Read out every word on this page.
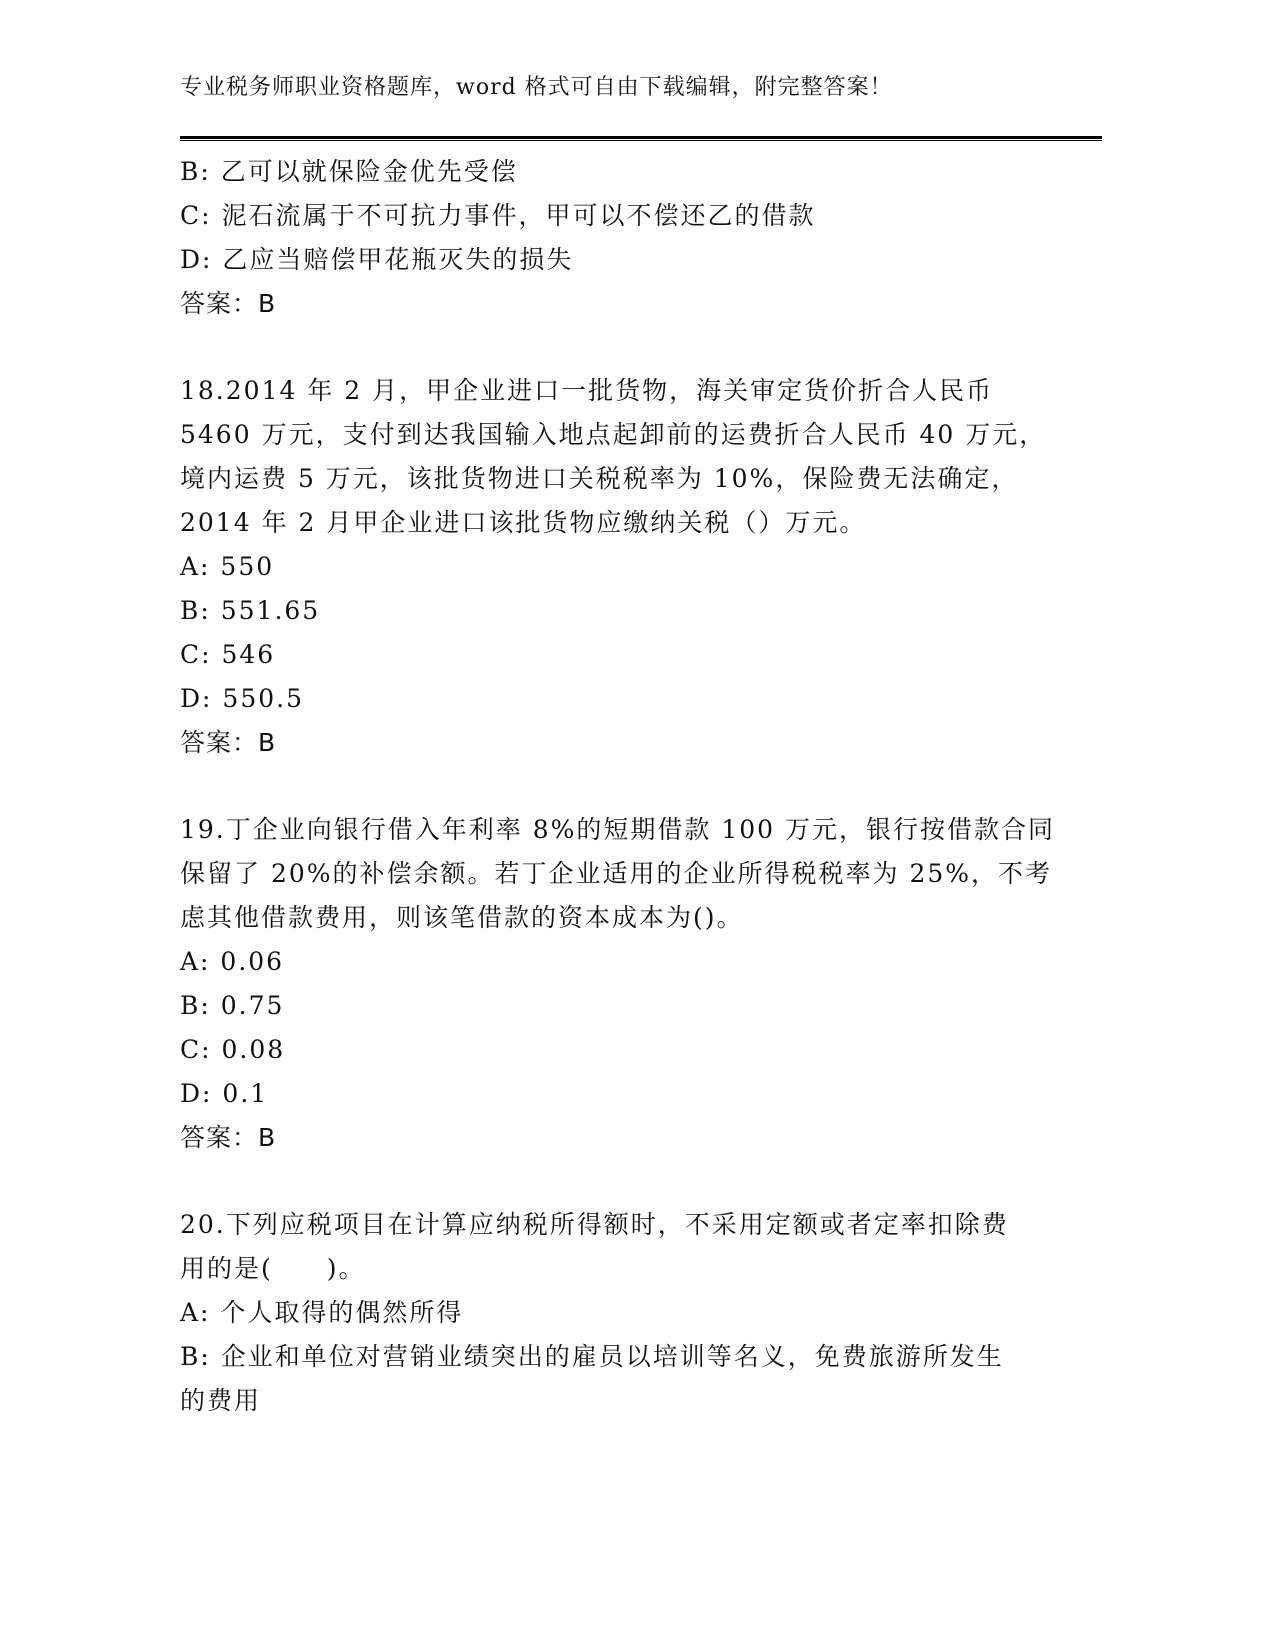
专业税务师职业资格题库，word 格式可自由下载编辑，附完整答案！
B: 乙可以就保险金优先受偿
C: 泥石流属于不可抗力事件，甲可以不偿还乙的借款
D: 乙应当赔偿甲花瓶灭失的损失
答案：B
18.2014 年 2 月，甲企业进口一批货物，海关审定货价折合人民币
5460 万元，支付到达我国输入地点起卸前的运费折合人民币 40 万元，
境内运费 5 万元，该批货物进口关税税率为 10%，保险费无法确定，
2014 年 2 月甲企业进口该批货物应缴纳关税（）万元。
A: 550
B: 551.65
C: 546
D: 550.5
答案：B
19.丁企业向银行借入年利率 8%的短期借款 100 万元，银行按借款合同
保留了 20%的补偿余额。若丁企业适用的企业所得税税率为 25%，不考
虑其他借款费用，则该笔借款的资本成本为()。
A: 0.06
B: 0.75
C: 0.08
D: 0.1
答案：B
20.下列应税项目在计算应纳税所得额时，不采用定额或者定率扣除费
用的是(　　)。
A: 个人取得的偶然所得
B: 企业和单位对营销业绩突出的雇员以培训等名义，免费旅游所发生
的费用
